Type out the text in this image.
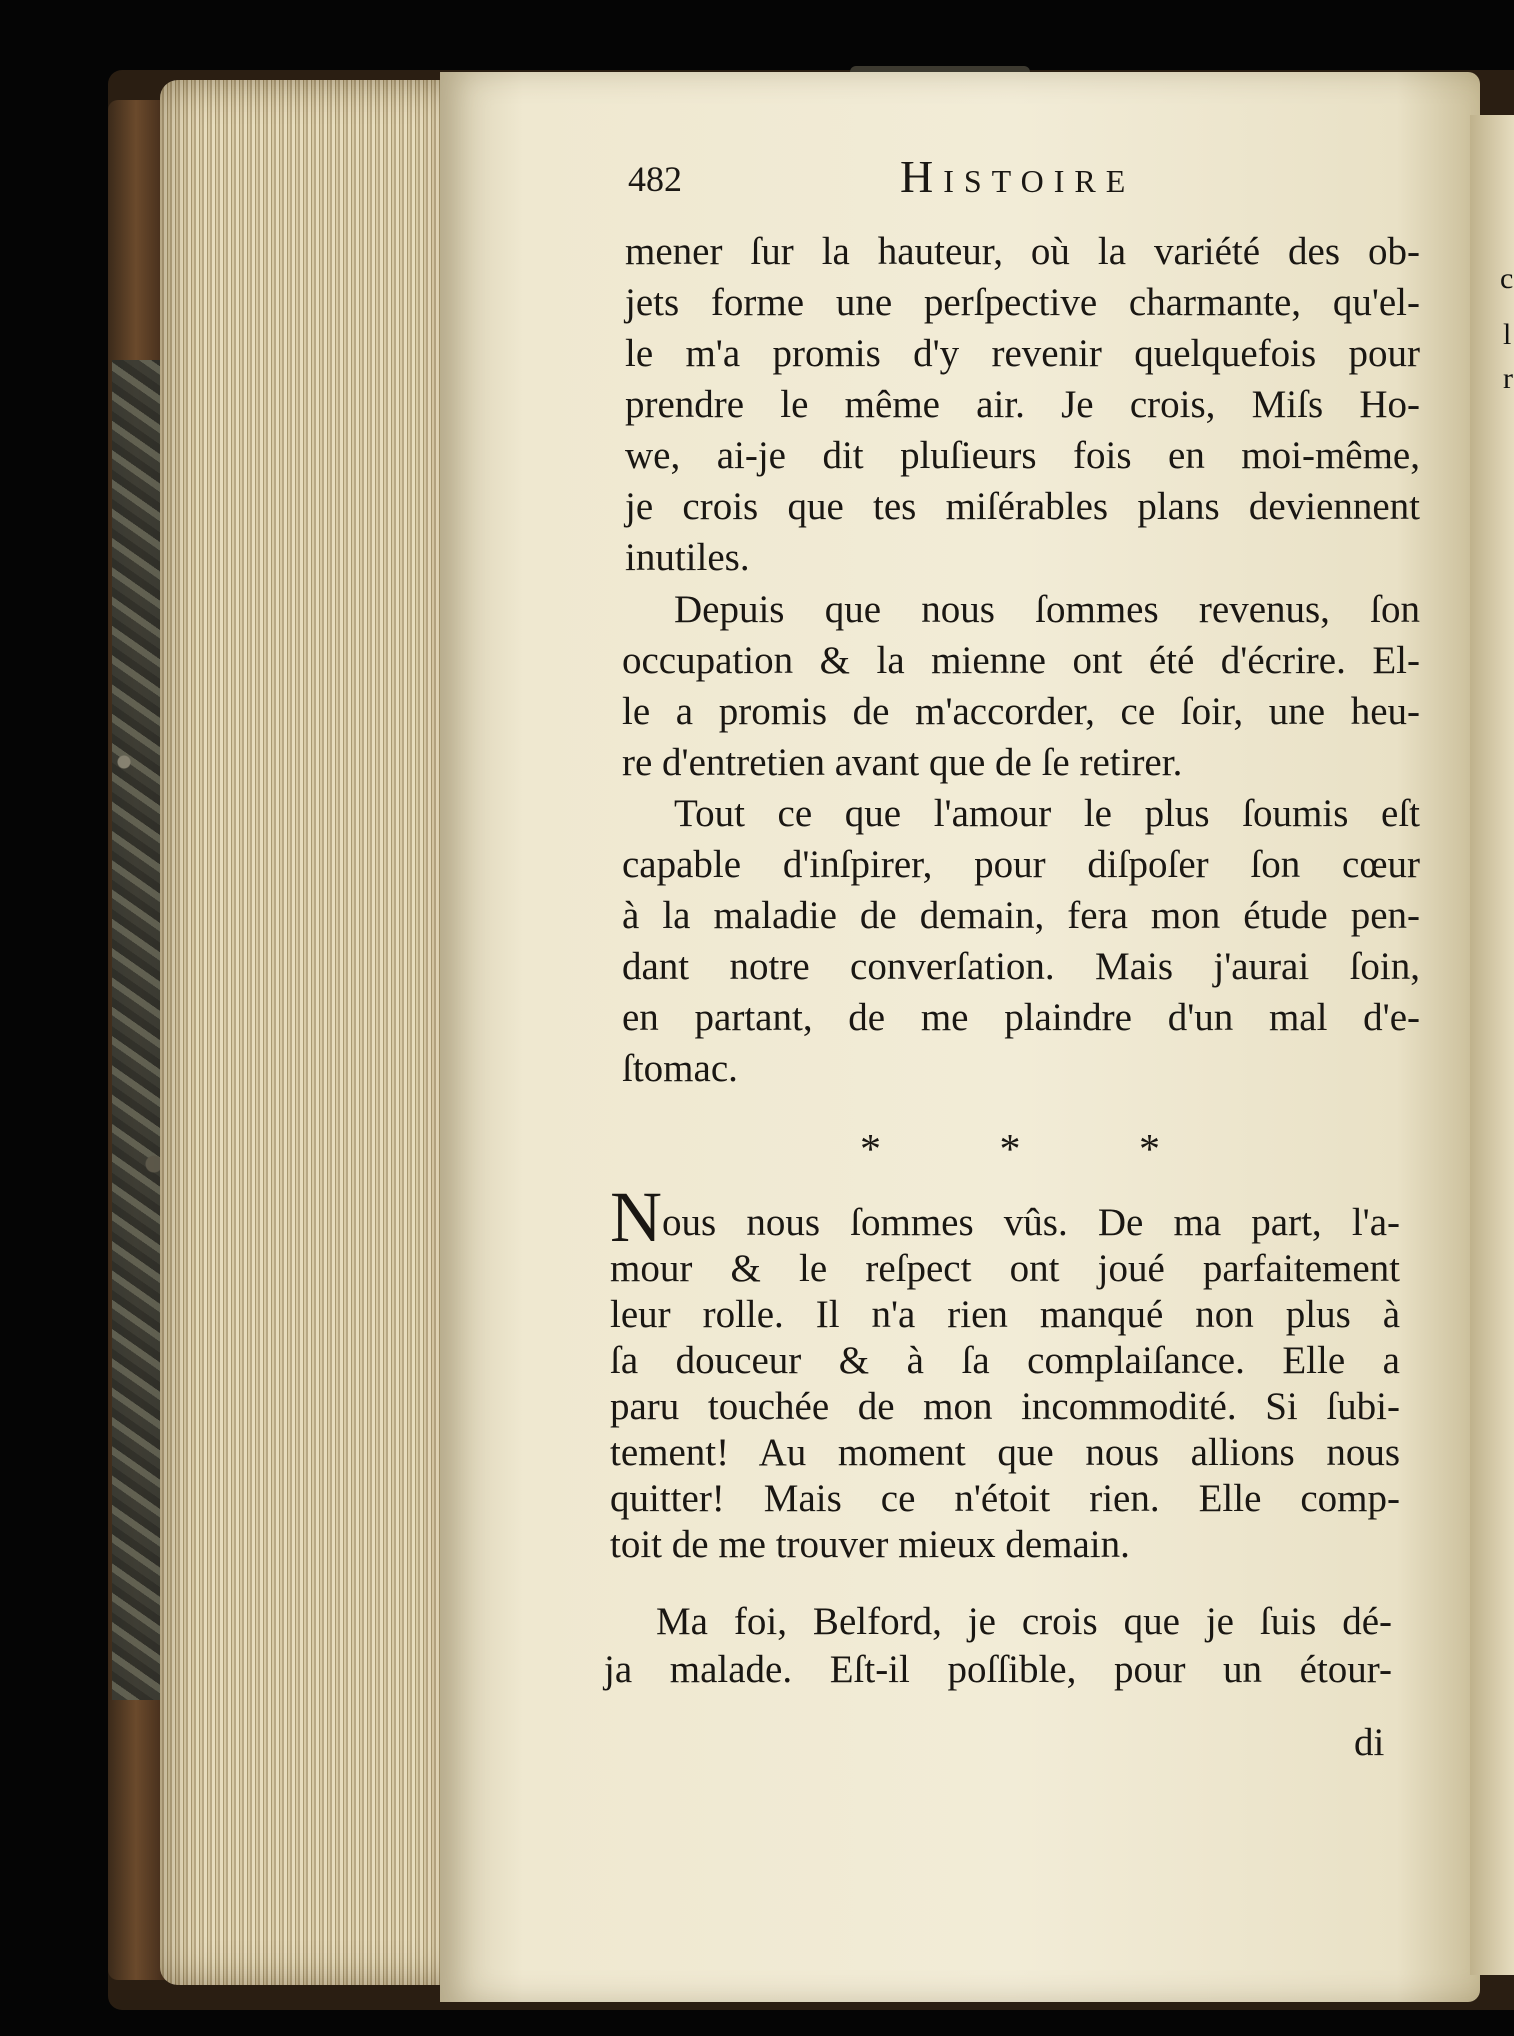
c
l
r
482	Histoire
mener ſur la hauteur, où la variété des ob-
jets forme une perſpective charmante, qu'el-
le m'a promis d'y revenir quelquefois pour
prendre le même air. Je crois, Miſs Ho-
we, ai-je dit pluſieurs fois en moi-même,
je crois que tes miſérables plans deviennent
inutiles.
Depuis que nous ſommes revenus, ſon
occupation & la mienne ont été d'écrire. El-
le a promis de m'accorder, ce ſoir, une heu-
re d'entretien avant que de ſe retirer.
Tout ce que l'amour le plus ſoumis eſt
capable d'inſpirer, pour diſpoſer ſon cœur
à la maladie de demain, fera mon étude pen-
dant notre converſation. Mais j'aurai ſoin,
en partant, de me plaindre d'un mal d'e-
ſtomac.
*	*	*
Nous nous ſommes vûs. De ma part, l'a-
mour & le reſpect ont joué parfaitement
leur rolle. Il n'a rien manqué non plus à
ſa douceur & à ſa complaiſance. Elle a
paru touchée de mon incommodité. Si ſubi-
tement! Au moment que nous allions nous
quitter! Mais ce n'étoit rien. Elle comp-
toit de me trouver mieux demain.
Ma foi, Belford, je crois que je ſuis dé-
ja malade. Eſt-il poſſible, pour un étour-
di
